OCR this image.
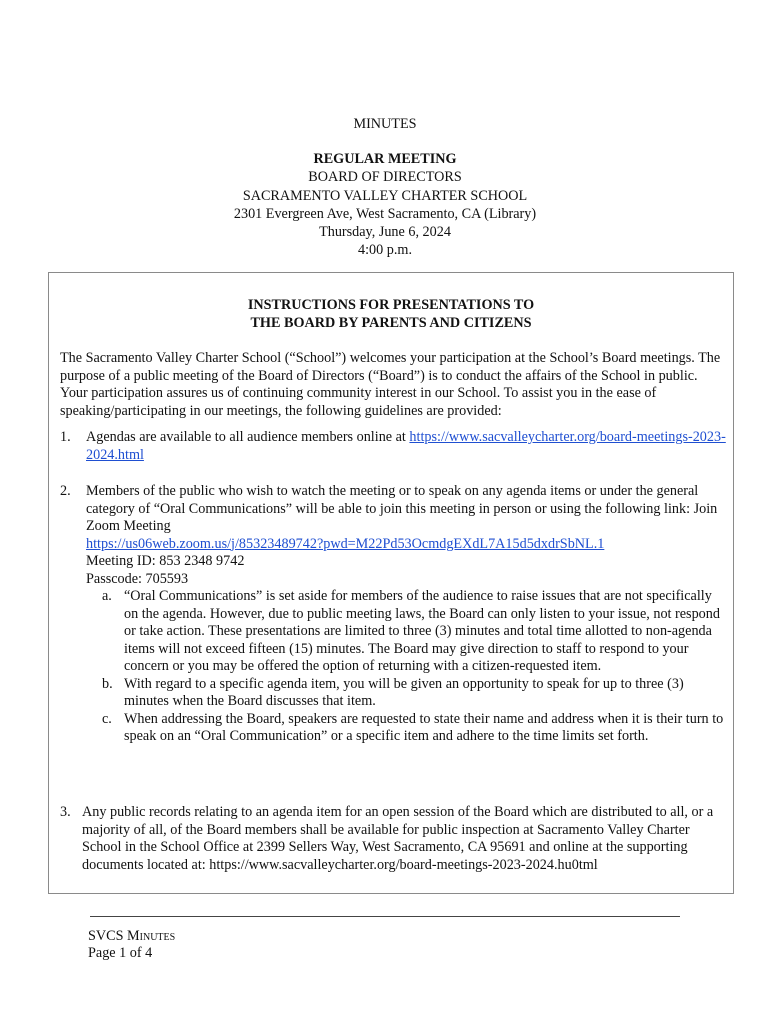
MINUTES
REGULAR MEETING
BOARD OF DIRECTORS
SACRAMENTO VALLEY CHARTER SCHOOL
2301 Evergreen Ave, West Sacramento, CA (Library)
Thursday, June 6, 2024
4:00 p.m.
INSTRUCTIONS FOR PRESENTATIONS TO
THE BOARD BY PARENTS AND CITIZENS
The Sacramento Valley Charter School (“School”) welcomes your participation at the School’s Board meetings. The purpose of a public meeting of the Board of Directors (“Board”) is to conduct the affairs of the School in public. Your participation assures us of continuing community interest in our School. To assist you in the ease of speaking/participating in our meetings, the following guidelines are provided:
1. Agendas are available to all audience members online at https://www.sacvalleycharter.org/board-meetings-2023-2024.html
2. Members of the public who wish to watch the meeting or to speak on any agenda items or under the general category of “Oral Communications” will be able to join this meeting in person or using the following link: Join Zoom Meeting
https://us06web.zoom.us/j/85323489742?pwd=M22Pd53OcmdgEXdL7A15d5dxdrSbNL.1
Meeting ID: 853 2348 9742
Passcode: 705593
a. “Oral Communications” is set aside for members of the audience to raise issues that are not specifically on the agenda. However, due to public meeting laws, the Board can only listen to your issue, not respond or take action. These presentations are limited to three (3) minutes and total time allotted to non-agenda items will not exceed fifteen (15) minutes. The Board may give direction to staff to respond to your concern or you may be offered the option of returning with a citizen-requested item.
b. With regard to a specific agenda item, you will be given an opportunity to speak for up to three (3) minutes when the Board discusses that item.
c. When addressing the Board, speakers are requested to state their name and address when it is their turn to speak on an “Oral Communication” or a specific item and adhere to the time limits set forth.
3. Any public records relating to an agenda item for an open session of the Board which are distributed to all, or a majority of all, of the Board members shall be available for public inspection at Sacramento Valley Charter School in the School Office at 2399 Sellers Way, West Sacramento, CA 95691 and online at the supporting documents located at: https://www.sacvalleycharter.org/board-meetings-2023-2024.hu0tml
SVCS Minutes
Page 1 of 4
